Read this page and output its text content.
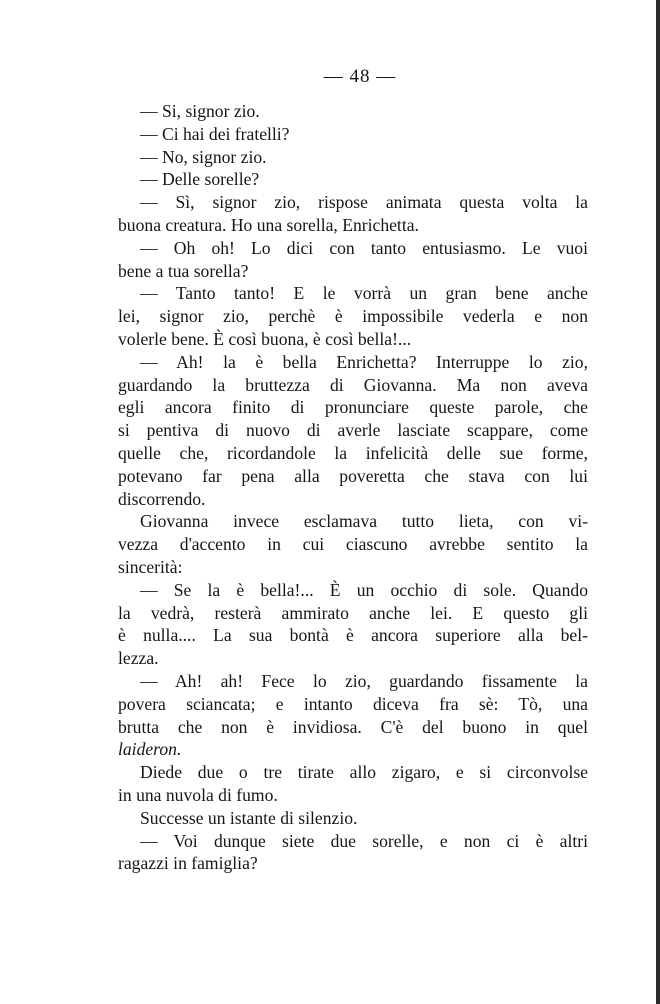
— 48 —
— Si, signor zio.
— Ci hai dei fratelli?
— No, signor zio.
— Delle sorelle?
— Sì, signor zio, rispose animata questa volta la
buona creatura. Ho una sorella, Enrichetta.
— Oh oh! Lo dici con tanto entusiasmo. Le vuoi
bene a tua sorella?
— Tanto tanto! E le vorrà un gran bene anche
lei, signor zio, perchè è impossibile vederla e non
volerle bene. È così buona, è così bella!...
— Ah! la è bella Enrichetta? Interruppe lo zio,
guardando la bruttezza di Giovanna. Ma non aveva
egli ancora finito di pronunciare queste parole, che
si pentiva di nuovo di averle lasciate scappare, come
quelle che, ricordandole la infelicità delle sue forme,
potevano far pena alla poveretta che stava con lui
discorrendo.
Giovanna invece esclamava tutto lieta, con vi-
vezza d'accento in cui ciascuno avrebbe sentito la
sincerità:
— Se la è bella!... È un occhio di sole. Quando
la vedrà, resterà ammirato anche lei. E questo gli
è nulla.... La sua bontà è ancora superiore alla bel-
lezza.
— Ah! ah! Fece lo zio, guardando fissamente la
povera sciancata; e intanto diceva fra sè: Tò, una
brutta che non è invidiosa. C'è del buono in quel
laideron.
Diede due o tre tirate allo zigaro, e si circonvolse
in una nuvola di fumo.
Successe un istante di silenzio.
— Voi dunque siete due sorelle, e non ci è altri
ragazzi in famiglia?
